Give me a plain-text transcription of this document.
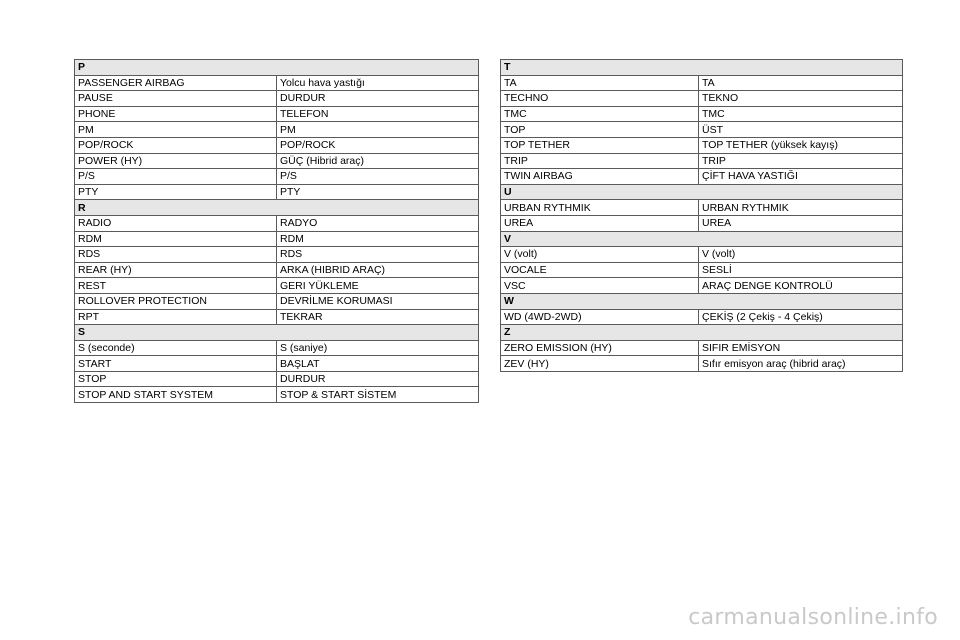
P	
PASSENGER AIRBAG	Yolcu hava yastığı
PAUSE	DURDUR
PHONE	TELEFON
PM	PM
POP/ROCK	POP/ROCK
POWER (HY)	GÜÇ (Hibrid araç)
P/S	P/S
PTY	PTY
R	
RADIO	RADYO
RDM	RDM
RDS	RDS
REAR (HY)	ARKA (HIBRID ARAÇ)
REST	GERI YÜKLEME
ROLLOVER PROTECTION	DEVRİLME KORUMASI
RPT	TEKRAR
S	
S (seconde)	S (saniye)
START	BAŞLAT
STOP	DURDUR
STOP AND START SYSTEM	STOP & START SİSTEM
T	
TA	TA
TECHNO	TEKNO
TMC	TMC
TOP	ÜST
TOP TETHER	TOP TETHER (yüksek kayış)
TRIP	TRIP
TWIN AIRBAG	ÇİFT HAVA YASTIĞI
U	
URBAN RYTHMIK	URBAN RYTHMIK
UREA	UREA
V	
V (volt)	V (volt)
VOCALE	SESLİ
VSC	ARAÇ DENGE KONTROLÜ
W	
WD (4WD-2WD)	ÇEKİŞ (2 Çekiş - 4 Çekiş)
Z	
ZERO EMISSION (HY)	SIFIR EMİSYON
ZEV (HY)	Sıfır emisyon araç (hibrid araç)
carmanualsonline.info
